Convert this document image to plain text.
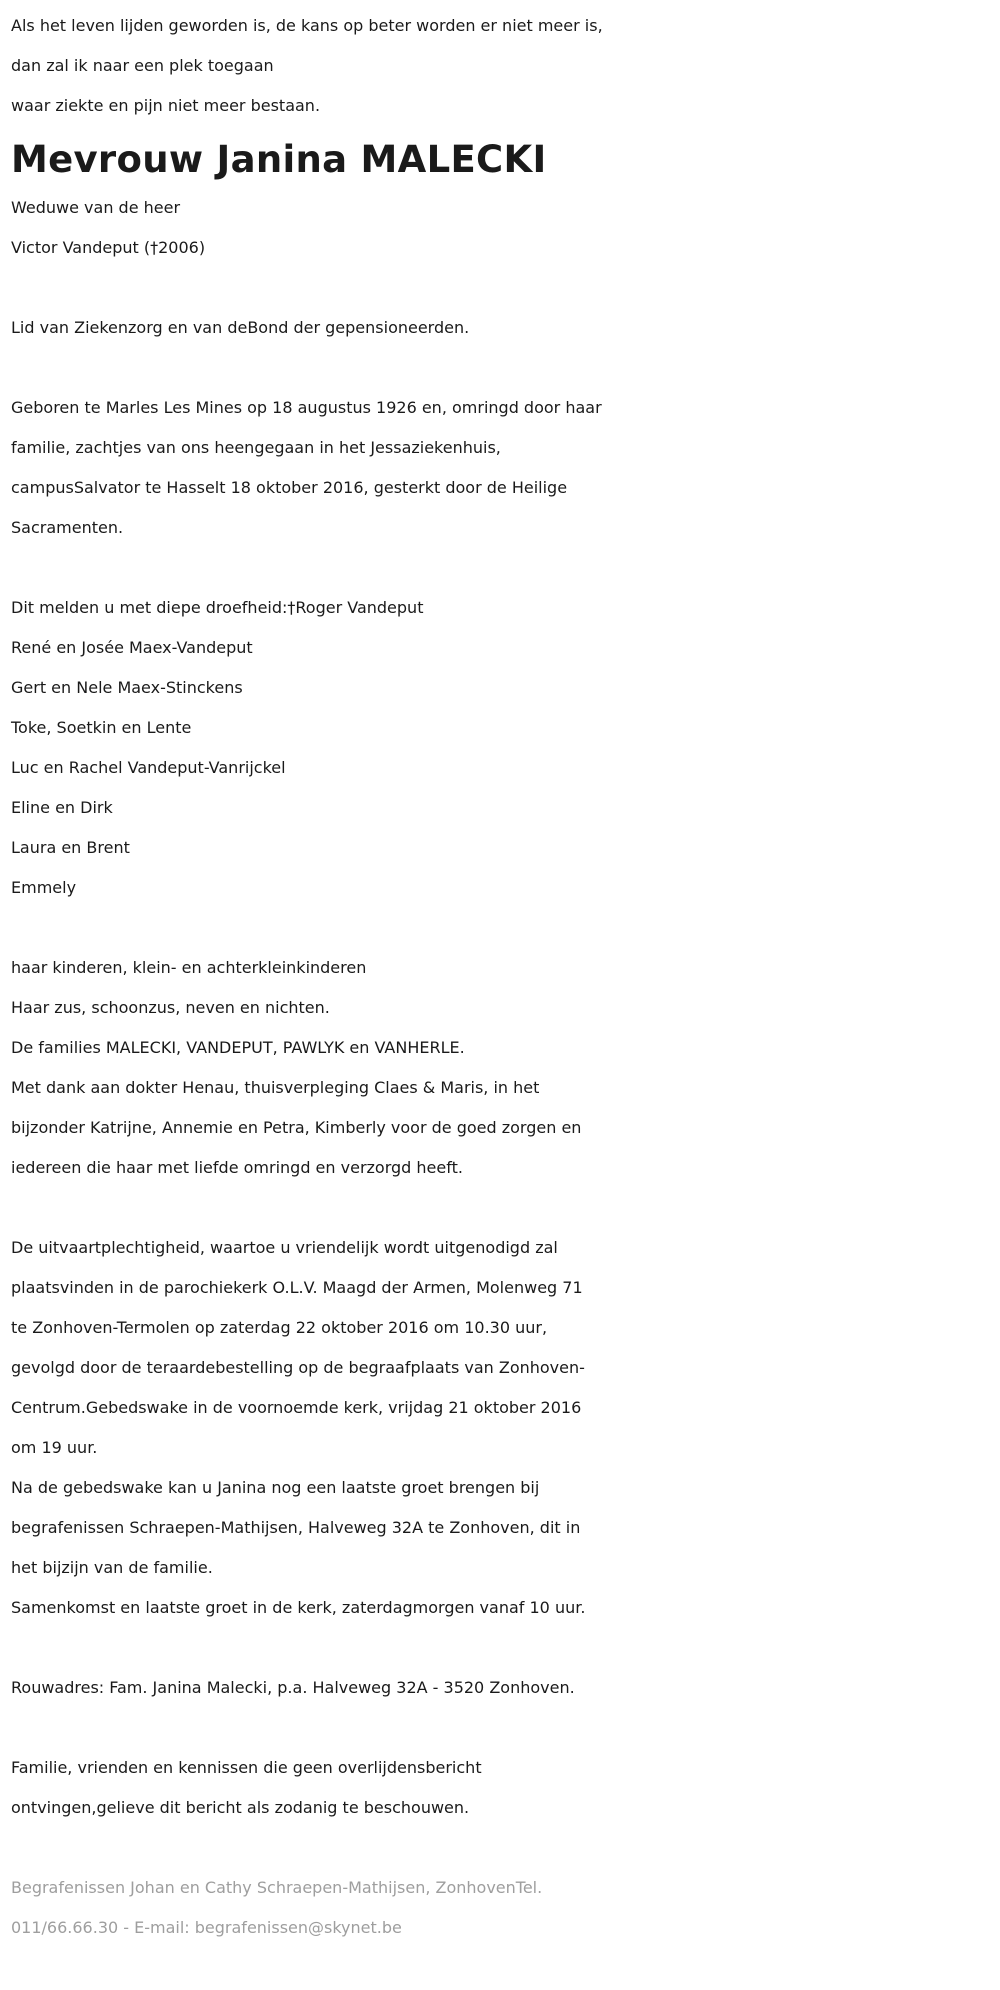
Als het leven lijden geworden is, de kans op beter worden er niet meer is,
dan zal ik naar een plek toegaan
waar ziekte en pijn niet meer bestaan.
Mevrouw Janina MALECKI
Weduwe van de heer
Victor Vandeput (†2006)
Lid van Ziekenzorg en van deBond der gepensioneerden.
Geboren te Marles Les Mines op 18 augustus 1926 en, omringd door haar
familie, zachtjes van ons heengegaan in het Jessaziekenhuis,
campusSalvator te Hasselt 18 oktober 2016, gesterkt door de Heilige
Sacramenten.
Dit melden u met diepe droefheid:†Roger Vandeput
René en Josée Maex-Vandeput
Gert en Nele Maex-Stinckens
Toke, Soetkin en Lente
Luc en Rachel Vandeput-Vanrijckel
Eline en Dirk
Laura en Brent
Emmely
haar kinderen, klein- en achterkleinkinderen
Haar zus, schoonzus, neven en nichten.
De families MALECKI, VANDEPUT, PAWLYK en VANHERLE.
Met dank aan dokter Henau, thuisverpleging Claes & Maris, in het
bijzonder Katrijne, Annemie en Petra, Kimberly voor de goed zorgen en
iedereen die haar met liefde omringd en verzorgd heeft.
De uitvaartplechtigheid, waartoe u vriendelijk wordt uitgenodigd zal
plaatsvinden in de parochiekerk O.L.V. Maagd der Armen, Molenweg 71
te Zonhoven-Termolen op zaterdag 22 oktober 2016 om 10.30 uur,
gevolgd door de teraardebestelling op de begraafplaats van Zonhoven-
Centrum.Gebedswake in de voornoemde kerk, vrijdag 21 oktober 2016
om 19 uur.
Na de gebedswake kan u Janina nog een laatste groet brengen bij
begrafenissen Schraepen-Mathijsen, Halveweg 32A te Zonhoven, dit in
het bijzijn van de familie.
Samenkomst en laatste groet in de kerk, zaterdagmorgen vanaf 10 uur.
Rouwadres: Fam. Janina Malecki, p.a. Halveweg 32A - 3520 Zonhoven.
Familie, vrienden en kennissen die geen overlijdensbericht
ontvingen,gelieve dit bericht als zodanig te beschouwen.
Begrafenissen Johan en Cathy Schraepen-Mathijsen, ZonhovenTel.
011/66.66.30 - E-mail: begrafenissen@skynet.be
